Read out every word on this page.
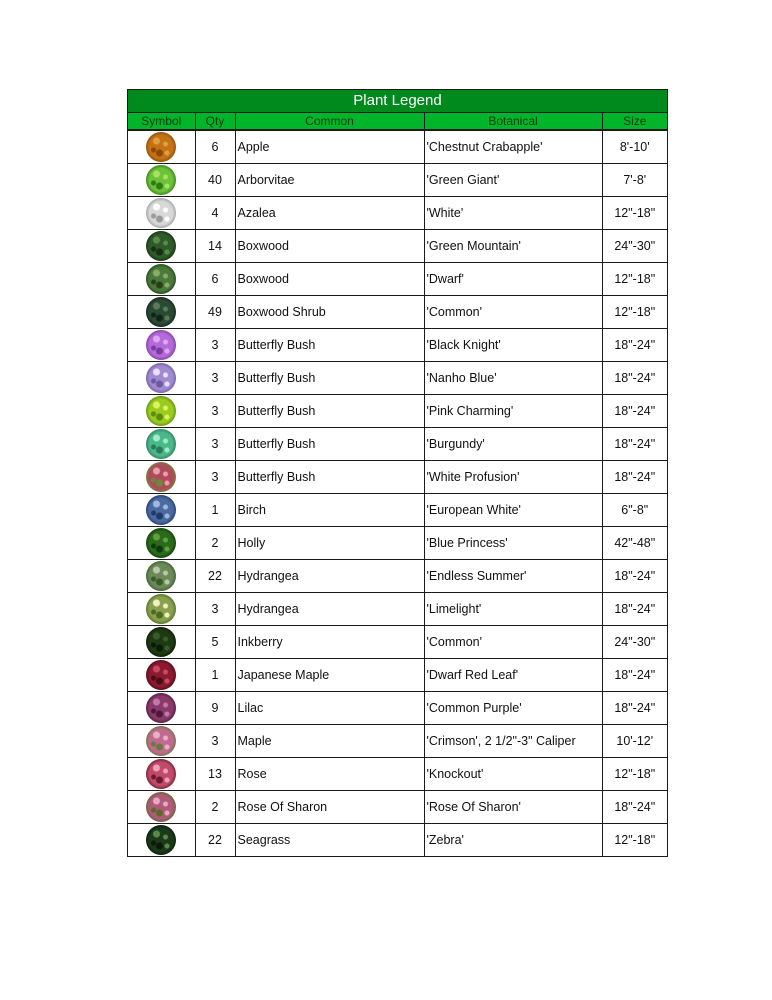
Plant Legend
Symbol	Qty	Common	Botanical	Size
	6	Apple	'Chestnut Crabapple'	8'-10'
	40	Arborvitae	'Green Giant'	7'-8'
	4	Azalea	'White'	12"-18"
	14	Boxwood	'Green Mountain'	24"-30"
	6	Boxwood	'Dwarf'	12"-18"
	49	Boxwood Shrub	'Common'	12"-18"
	3	Butterfly Bush	'Black Knight'	18"-24"
	3	Butterfly Bush	'Nanho Blue'	18"-24"
	3	Butterfly Bush	'Pink Charming'	18"-24"
	3	Butterfly Bush	'Burgundy'	18"-24"
	3	Butterfly Bush	'White Profusion'	18"-24"
	1	Birch	'European White'	6"-8"
	2	Holly	'Blue Princess'	42"-48"
	22	Hydrangea	'Endless Summer'	18"-24"
	3	Hydrangea	'Limelight'	18"-24"
	5	Inkberry	'Common'	24"-30"
	1	Japanese Maple	'Dwarf Red Leaf'	18"-24"
	9	Lilac	'Common Purple'	18"-24"
	3	Maple	'Crimson', 2 1/2"-3" Caliper	10'-12'
	13	Rose	'Knockout'	12"-18"
	2	Rose Of Sharon	'Rose Of Sharon'	18"-24"
	22	Seagrass	'Zebra'	12"-18"
